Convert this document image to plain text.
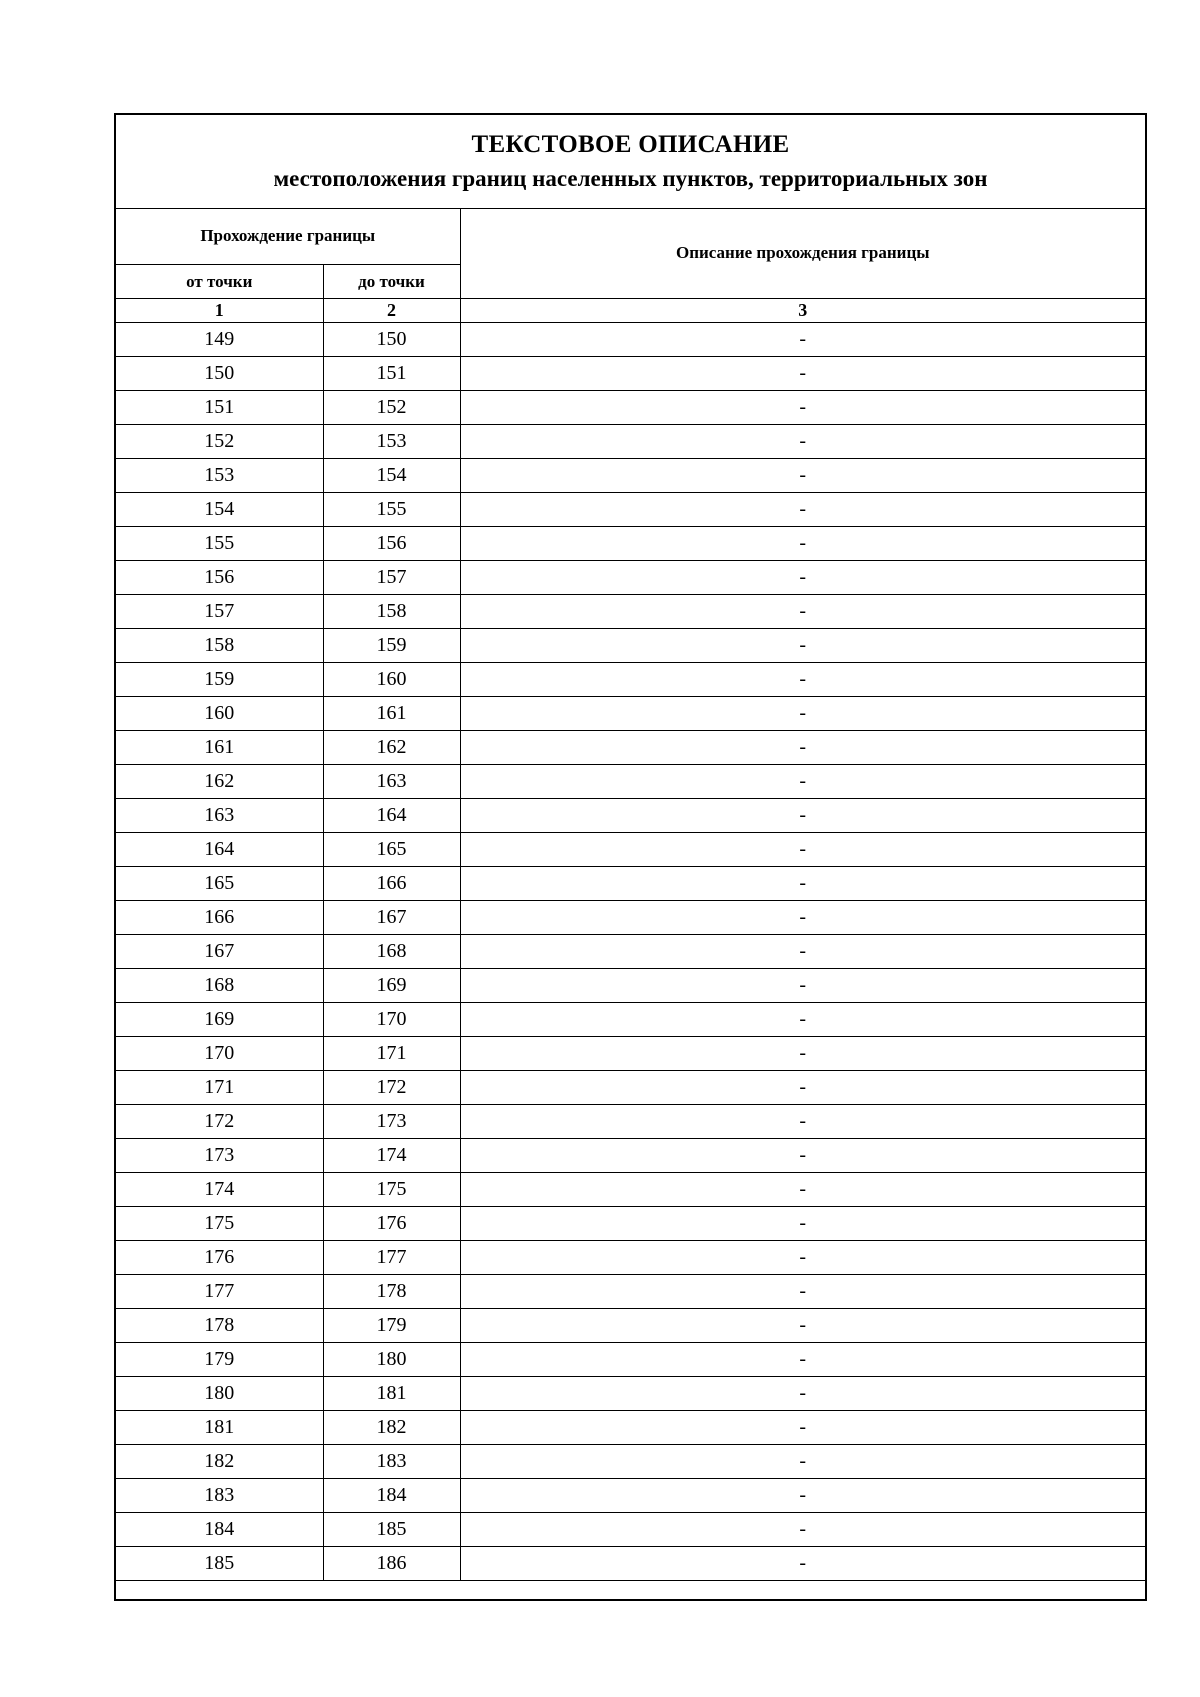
ТЕКСТОВОЕ ОПИСАНИЕ
местоположения границ населенных пунктов, территориальных зон
Прохождение границы		Описание прохождения границы
от точки	до точки	
1	2	3
149	150	-
150	151	-
151	152	-
152	153	-
153	154	-
154	155	-
155	156	-
156	157	-
157	158	-
158	159	-
159	160	-
160	161	-
161	162	-
162	163	-
163	164	-
164	165	-
165	166	-
166	167	-
167	168	-
168	169	-
169	170	-
170	171	-
171	172	-
172	173	-
173	174	-
174	175	-
175	176	-
176	177	-
177	178	-
178	179	-
179	180	-
180	181	-
181	182	-
182	183	-
183	184	-
184	185	-
185	186	-
